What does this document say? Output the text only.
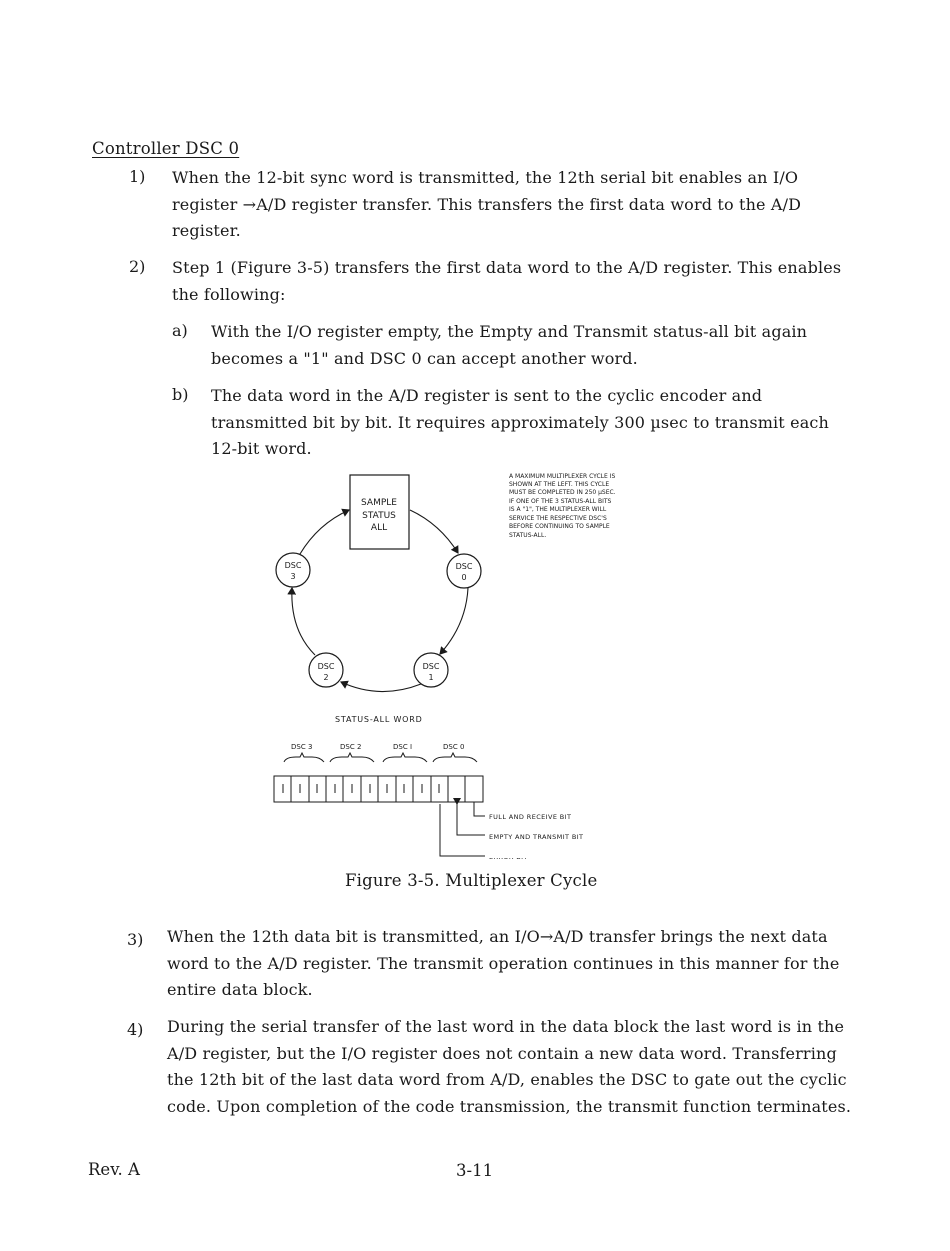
Controller DSC 0
1) When the 12-bit sync word is transmitted, the 12th serial bit enables an I/O register →A/D register transfer. This transfers the first data word to the A/D register.
2) Step 1 (Figure 3-5) transfers the first data word to the A/D register. This enables the following:
a) With the I/O register empty, the Empty and Transmit status-all bit again becomes a "1" and DSC 0 can accept another word.
b) The data word in the A/D register is sent to the cyclic encoder and transmitted bit by bit. It requires approximately 300 µsec to transmit each 12-bit word.
SAMPLE
STATUS
ALL
DSC
3
DSC
0
DSC
2
DSC
1
A MAXIMUM MULTIPLEXER CYCLE IS
SHOWN AT THE LEFT. THIS CYCLE
MUST BE COMPLETED IN 250 µSEC.
IF ONE OF THE 3 STATUS-ALL BITS
IS A "1", THE MULTIPLEXER WILL
SERVICE THE RESPECTIVE DSC'S
BEFORE CONTINUING TO SAMPLE
STATUS-ALL.
STATUS-ALL WORD
DSC 3	DSC 2	DSC I	DSC 0
FULL AND RECEIVE BIT
EMPTY AND TRANSMIT BIT
Figure 3-5. Multiplexer Cycle
3) When the 12th data bit is transmitted, an I/O→A/D transfer brings the next data word to the A/D register. The transmit operation continues in this manner for the entire data block.
4) During the serial transfer of the last word in the data block the last word is in the A/D register, but the I/O register does not contain a new data word. Transferring the 12th bit of the last data word from A/D, enables the DSC to gate out the cyclic code. Upon completion of the code transmission, the transmit function terminates.
Rev. A	3-11
